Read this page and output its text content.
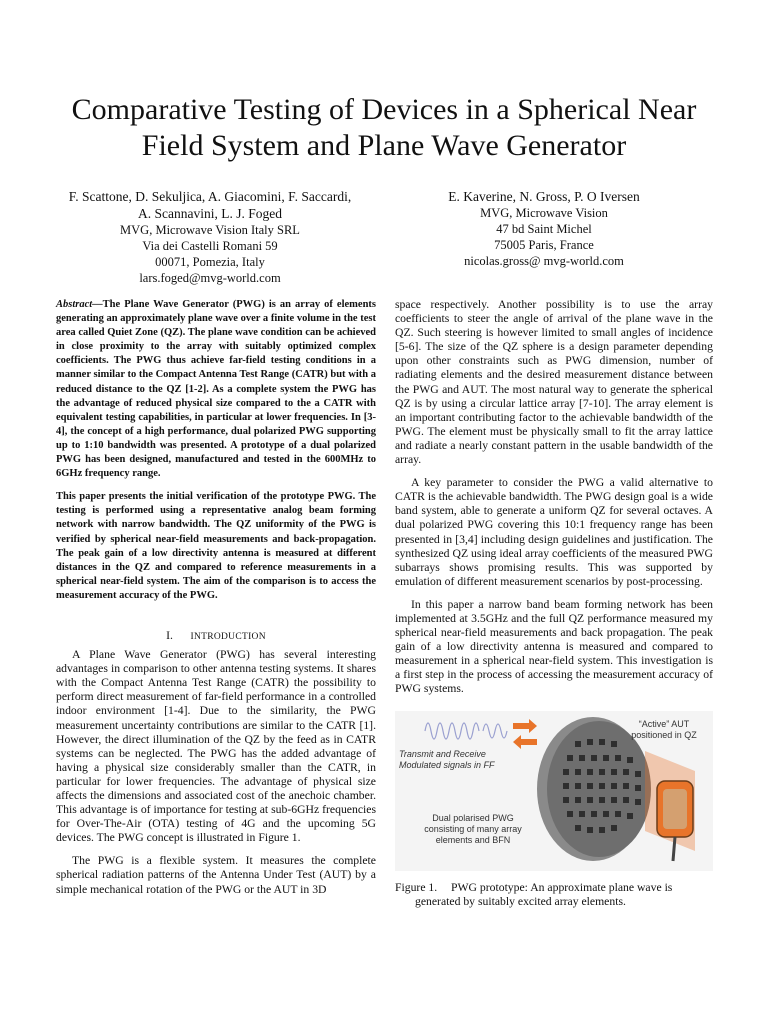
Comparative Testing of Devices in a Spherical Near
Field System and Plane Wave Generator
F. Scattone, D. Sekuljica, A. Giacomini, F. Saccardi,
A. Scannavini, L. J. Foged
MVG, Microwave Vision Italy SRL
Via dei Castelli Romani 59
00071, Pomezia, Italy
lars.foged@mvg-world.com
E. Kaverine, N. Gross, P. O Iversen
MVG, Microwave Vision
47 bd Saint Michel
75005 Paris, France
nicolas.gross@ mvg-world.com

Abstract—The Plane Wave Generator (PWG) is an array of elements generating an approximately plane wave over a finite volume in the test area called Quiet Zone (QZ). The plane wave condition can be achieved in close proximity to the array with suitably optimized complex coefficients. The PWG thus achieve far-field testing conditions in a manner similar to the Compact Antenna Test Range (CATR) but with a reduced distance to the QZ [1-2]. As a complete system the PWG has the advantage of reduced physical size compared to the a CATR with equivalent testing capabilities, in particular at lower frequencies. In [3-4], the concept of a high performance, dual polarized PWG supporting up to 1:10 bandwidth was presented. A prototype of a dual polarized PWG has been designed, manufactured and tested in the 600MHz to 6GHz frequency range.

This paper presents the initial verification of the prototype PWG. The testing is performed using a representative analog beam forming network with narrow bandwidth. The QZ uniformity of the PWG is verified by spherical near-field measurements and back-propagation. The peak gain of a low directivity antenna is measured at different distances in the QZ and compared to reference measurements in a spherical near-field system. The aim of the comparison is to access the measurement accuracy of the PWG.

I. INTRODUCTION

A Plane Wave Generator (PWG) has several interesting advantages in comparison to other antenna testing systems. It shares with the Compact Antenna Test Range (CATR) the possibility to perform direct measurement of far-field performance in a controlled indoor environment [1-4]. Due to the similarity, the PWG measurement uncertainty contributions are similar to the CATR [1]. However, the direct illumination of the QZ by the feed as in CATR systems can be neglected. The PWG has the added advantage of having a physical size considerably smaller than the CATR, in particular for lower frequencies. The advantage of physical size affects the dimensions and associated cost of the anechoic chamber. This advantage is of importance for testing at sub-6GHz frequencies for Over-The-Air (OTA) testing of 4G and the upcoming 5G devices. The PWG concept is illustrated in Figure 1.

The PWG is a flexible system. It measures the complete spherical radiation patterns of the Antenna Under Test (AUT) by a simple mechanical rotation of the PWG or the AUT in 3D

space respectively. Another possibility is to use the array coefficients to steer the angle of arrival of the plane wave in the QZ. Such steering is however limited to small angles of incidence [5-6]. The size of the QZ sphere is a design parameter depending upon other constraints such as PWG dimension, number of radiating elements and the desired measurement distance between the PWG and AUT. The most natural way to generate the spherical QZ is by using a circular lattice array [7-10]. The array element is an important contributing factor to the achievable bandwidth of the PWG. The element must be physically small to fit the array lattice and radiate a nearly constant pattern in the usable bandwidth of the array.

A key parameter to consider the PWG a valid alternative to CATR is the achievable bandwidth. The PWG design goal is a wide band system, able to generate a uniform QZ for several octaves. A dual polarized PWG covering this 10:1 frequency range has been presented in [3,4] including design guidelines and justification. The synthesized QZ using ideal array coefficients of the measured PWG subarrays shows promising results. This was supported by emulation of different measurement scenarios by post-processing.

In this paper a narrow band beam forming network has been implemented at 3.5GHz and the full QZ performance measured my spherical near-field measurements and back propagation. The peak gain of a low directivity antenna is measured and compared to measurement in a spherical near-field system. This investigation is a first step in the process of accessing the measurement accuracy of PWG systems.

“Active” AUT
positioned in QZ
Transmit and Receive
Modulated signals in FF
Dual polarised PWG
consisting of many array
elements and BFN
Figure 1. PWG prototype: An approximate plane wave is
generated by suitably excited array elements.
